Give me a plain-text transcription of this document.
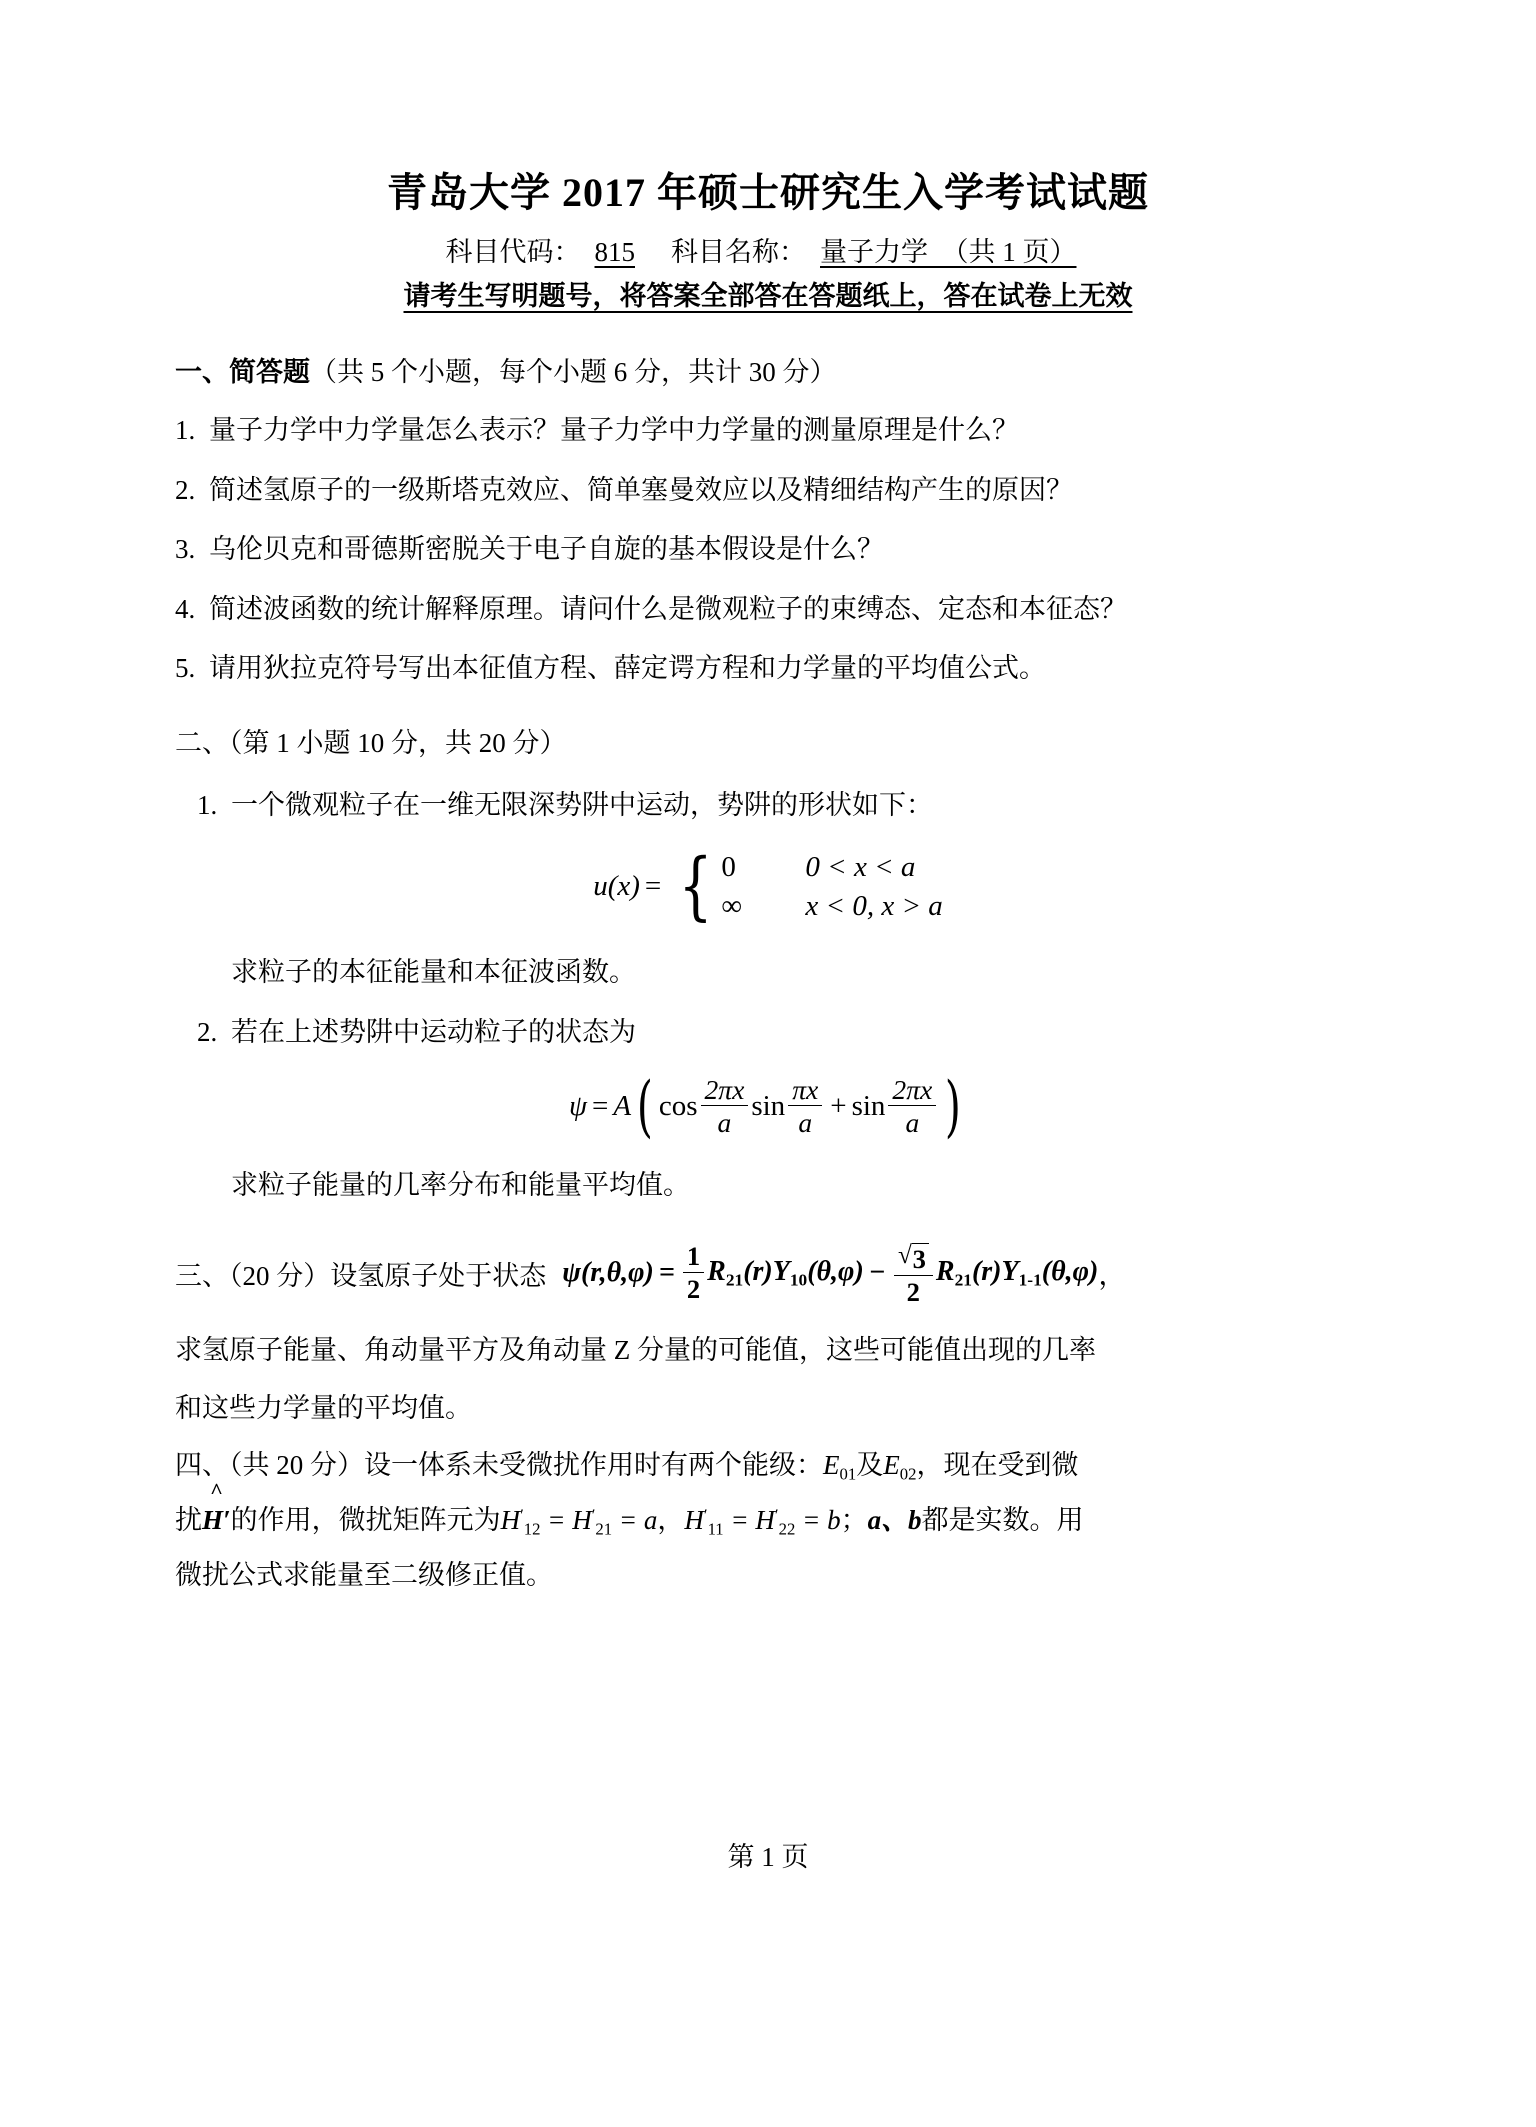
青岛大学 2017 年硕士研究生入学考试试题
科目代码： 815 科目名称： 量子力学 （共 1 页）
请考生写明题号，将答案全部答在答题纸上，答在试卷上无效
一、简答题（共 5 个小题，每个小题 6 分，共计 30 分）
1. 量子力学中力学量怎么表示？量子力学中力学量的测量原理是什么？
2. 简述氢原子的一级斯塔克效应、简单塞曼效应以及精细结构产生的原因？
3. 乌伦贝克和哥德斯密脱关于电子自旋的基本假设是什么？
4. 简述波函数的统计解释原理。请问什么是微观粒子的束缚态、定态和本征态？
5. 请用狄拉克符号写出本征值方程、薛定谔方程和力学量的平均值公式。
二、（第 1 小题 10 分，共 20 分）
1. 一个微观粒子在一维无限深势阱中运动，势阱的形状如下：
u(x) = { 0	0 < x < a
∞	x < 0, x > a
求粒子的本征能量和本征波函数。
2. 若在上述势阱中运动粒子的状态为
ψ = A ( $\cos \frac{2\pi x}{a}$ $\sin \frac{\pi x}{a} + \sin \frac{2\pi x}{a}$ )
求粒子能量的几率分布和能量平均值。
三、（20 分）设氢原子处于状态 $\psi(r,\theta,\varphi) = \frac{1}{2} R_{21}(r) Y_{10}(\theta,\varphi) - \frac{√ 3}{2} R_{21}(r)$ $Y_{1-1}(\theta,\varphi)$ ，
求氢原子能量、角动量平方及角动量 Z 分量的可能值，这些可能值出现的几率
和这些力学量的平均值。
四、（共 20 分）设一体系未受微扰作用时有两个能级：$E_{01}$及$E_{02}$，现在受到微
扰
^
H′的作用，微扰矩阵元为$H'_{12} = H'_{21} = a$，$H'_{11} = H'_{22} = b$；a、b都是实数。用
微扰公式求能量至二级修正值。
第 1 页
